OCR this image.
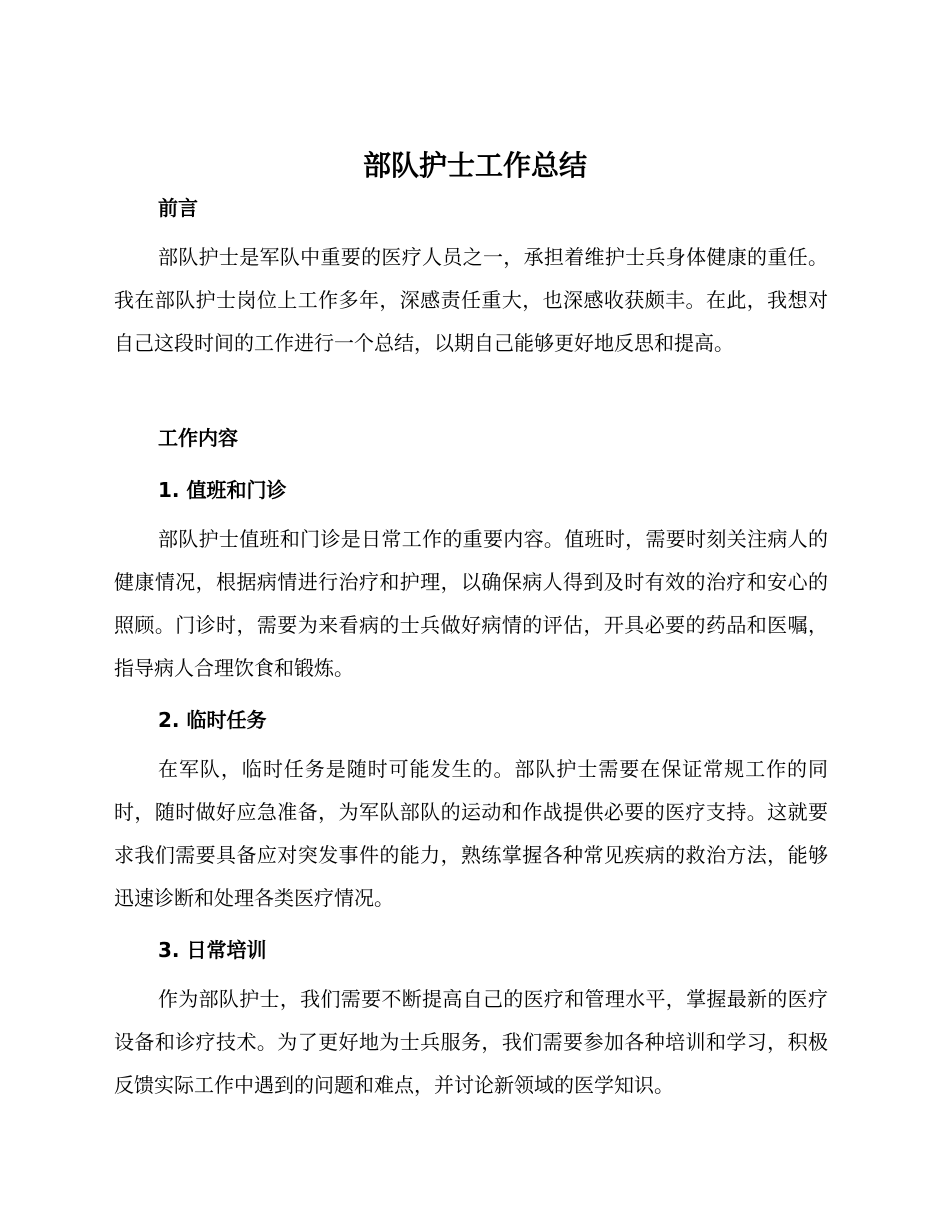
部队护士工作总结
前言

部队护士是军队中重要的医疗人员之一，承担着维护士兵身体健康的重任。我在部队护士岗位上工作多年，深感责任重大，也深感收获颇丰。在此，我想对自己这段时间的工作进行一个总结，以期自己能够更好地反思和提高。

工作内容
1. 值班和门诊

部队护士值班和门诊是日常工作的重要内容。值班时，需要时刻关注病人的健康情况，根据病情进行治疗和护理，以确保病人得到及时有效的治疗和安心的照顾。门诊时，需要为来看病的士兵做好病情的评估，开具必要的药品和医嘱，指导病人合理饮食和锻炼。

2. 临时任务

在军队，临时任务是随时可能发生的。部队护士需要在保证常规工作的同时，随时做好应急准备，为军队部队的运动和作战提供必要的医疗支持。这就要求我们需要具备应对突发事件的能力，熟练掌握各种常见疾病的救治方法，能够迅速诊断和处理各类医疗情况。

3. 日常培训

作为部队护士，我们需要不断提高自己的医疗和管理水平，掌握最新的医疗设备和诊疗技术。为了更好地为士兵服务，我们需要参加各种培训和学习，积极反馈实际工作中遇到的问题和难点，并讨论新领域的医学知识。
